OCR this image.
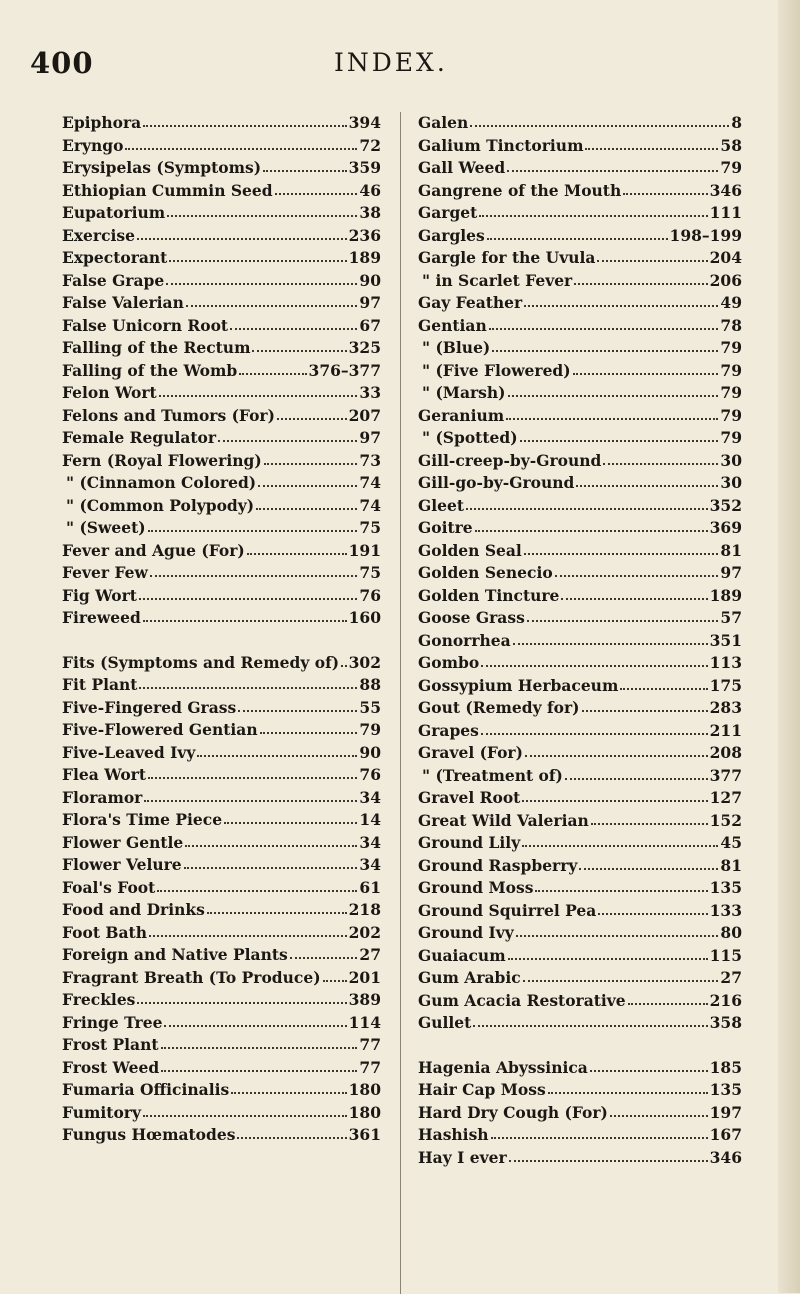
400	INDEX.
Epiphora	394
Eryngo	72
Erysipelas (Symptoms)	359
Ethiopian Cummin Seed	46
Eupatorium	38
Exercise	236
Expectorant	189
False Grape	90
False Valerian	97
False Unicorn Root	67
Falling of the Rectum	325
Falling of the Womb	376–377
Felon Wort	33
Felons and Tumors (For)	207
Female Regulator	97
Fern (Royal Flowering)	73
" (Cinnamon Colored)	74
" (Common Polypody)	74
" (Sweet)	75
Fever and Ague (For)	191
Fever Few	75
Fig Wort	76
Fireweed	160
Fits (Symptoms and Remedy of) 302
Fit Plant	88
Five-Fingered Grass	55
Five-Flowered Gentian	79
Five-Leaved Ivy	90
Flea Wort	76
Floramor	34
Flora's Time Piece	14
Flower Gentle	34
Flower Velure	34
Foal's Foot	61
Food and Drinks	218
Foot Bath	202
Foreign and Native Plants	27
Fragrant Breath (To Produce) 201
Freckles	389
Fringe Tree	114
Frost Plant	77
Frost Weed	77
Fumaria Officinalis	180
Fumitory	180
Fungus Hœmatodes	361
Galen	8
Galium Tinctorium	58
Gall Weed	79
Gangrene of the Mouth	346
Garget	111
Gargles	198–199
Gargle for the Uvula	204
" in Scarlet Fever	206
Gay Feather	49
Gentian	78
" (Blue)	79
" (Five Flowered)	79
" (Marsh)	79
Geranium	79
" (Spotted)	79
Gill-creep-by-Ground	30
Gill-go-by-Ground	30
Gleet	352
Goitre	369
Golden Seal	81
Golden Senecio	97
Golden Tincture	189
Goose Grass	57
Gonorrhea	351
Gombo	113
Gossypium Herbaceum	175
Gout (Remedy for)	283
Grapes	211
Gravel (For)	208
" (Treatment of)	377
Gravel Root	127
Great Wild Valerian	152
Ground Lily	45
Ground Raspberry	81
Ground Moss	135
Ground Squirrel Pea	133
Ground Ivy	80
Guaiacum	115
Gum Arabic	27
Gum Acacia Restorative	216
Gullet	358
Hagenia Abyssinica	185
Hair Cap Moss	135
Hard Dry Cough (For)	197
Hashish	167
Hay I ever	346
